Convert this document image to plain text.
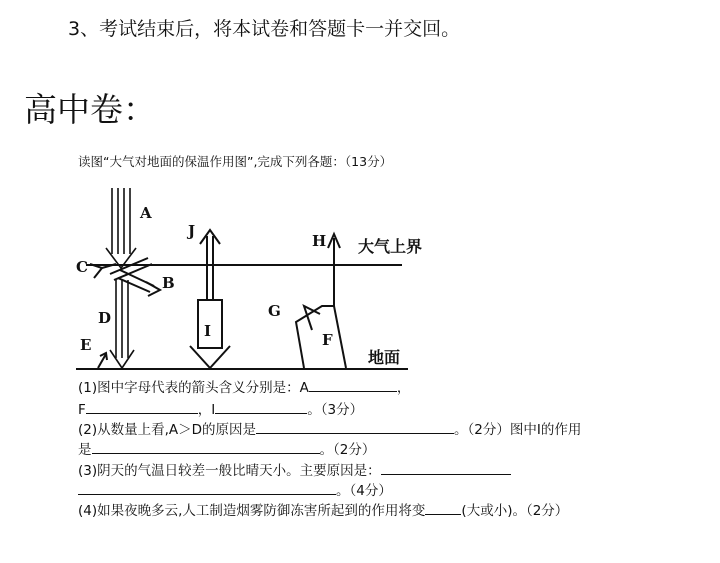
3、考试结束后，将本试卷和答题卡一并交回。
高中卷：
读图“大气对地面的保温作用图”,完成下列各题：（13分）
A
B
C
D
E	F
G
H
I
J
大气上界
地面
(1)图中字母代表的箭头含义分别是：A	，
F	，I	。（3分）
(2)从数量上看,A＞D的原因是	。（2分）图中I的作用
是	。（2分）
(3)阴天的气温日较差一般比晴天小。主要原因是：
。（4分）
(4)如果夜晚多云,人工制造烟雾防御冻害所起到的作用将变	(大或小)。（2分）
